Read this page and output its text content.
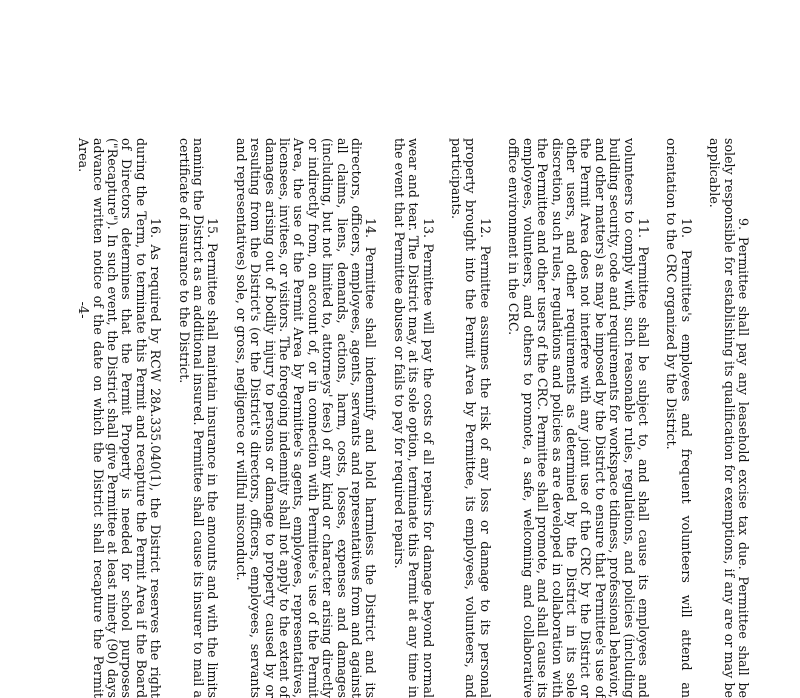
9. Permittee shall pay any leasehold excise tax due. Permittee shall be solely responsible for establishing its qualification for exemptions, if any are or may be applicable.

10. Permittee's employees and frequent volunteers will attend an orientation to the CRC organized by the District.

11. Permittee shall be subject to, and shall cause its employees and volunteers to comply with, such reasonable rules, regulations, and policies (including building security, code and requirements for workspace tidiness, professional behavior, and other matters) as may be imposed by the District to ensure that Permittee's use of the Permit Area does not interfere with any joint use of the CRC by the District or other users, and other requirements as determined by the District in its sole discretion, such rules, regulations and policies as are developed in collaboration with the Permittee and other users of the CRC. Permittee shall promote, and shall cause its employees, volunteers, and others to promote, a safe, welcoming and collaborative office environment in the CRC.

12. Permittee assumes the risk of any loss or damage to its personal property brought into the Permit Area by Permittee, its employees, volunteers, and participants.

13. Permittee will pay the costs of all repairs for damage beyond normal wear and tear. The District may, at its sole option, terminate this Permit at any time in the event that Permittee abuses or fails to pay for required repairs.

14. Permittee shall indemnify and hold harmless the District and its directors, officers, employees, agents, servants and representatives from and against all claims, liens, demands, actions, harm, costs, losses, expenses and damages (including, but not limited to, attorneys' fees) of any kind or character arising directly or indirectly from, on account of, or in connection with Permittee's use of the Permit Area, the use of the Permit Area by Permittee's agents, employees, representatives, licensees, invitees, or visitors. The foregoing indemnity shall not apply to the extent of damages arising out of bodily injury to persons or damage to property caused by or resulting from the District's (or the District's directors, officers, employees, servants and representatives) sole, or gross, negligence or willful misconduct.

15. Permittee shall maintain insurance in the amounts and with the limits naming the District as an additional insured. Permittee shall cause its insurer to mail a certificate of insurance to the District.

16. As required by RCW 28A.335.040(1), the District reserves the right during the Term, to terminate this Permit and recapture the Permit Area if the Board of Directors determines that the Permit Property is needed for school purposes ("Recapture"). In such event, the District shall give Permittee at least ninety (90) days advance written notice of the date on which the District shall recapture the Permit Area.

-4-
